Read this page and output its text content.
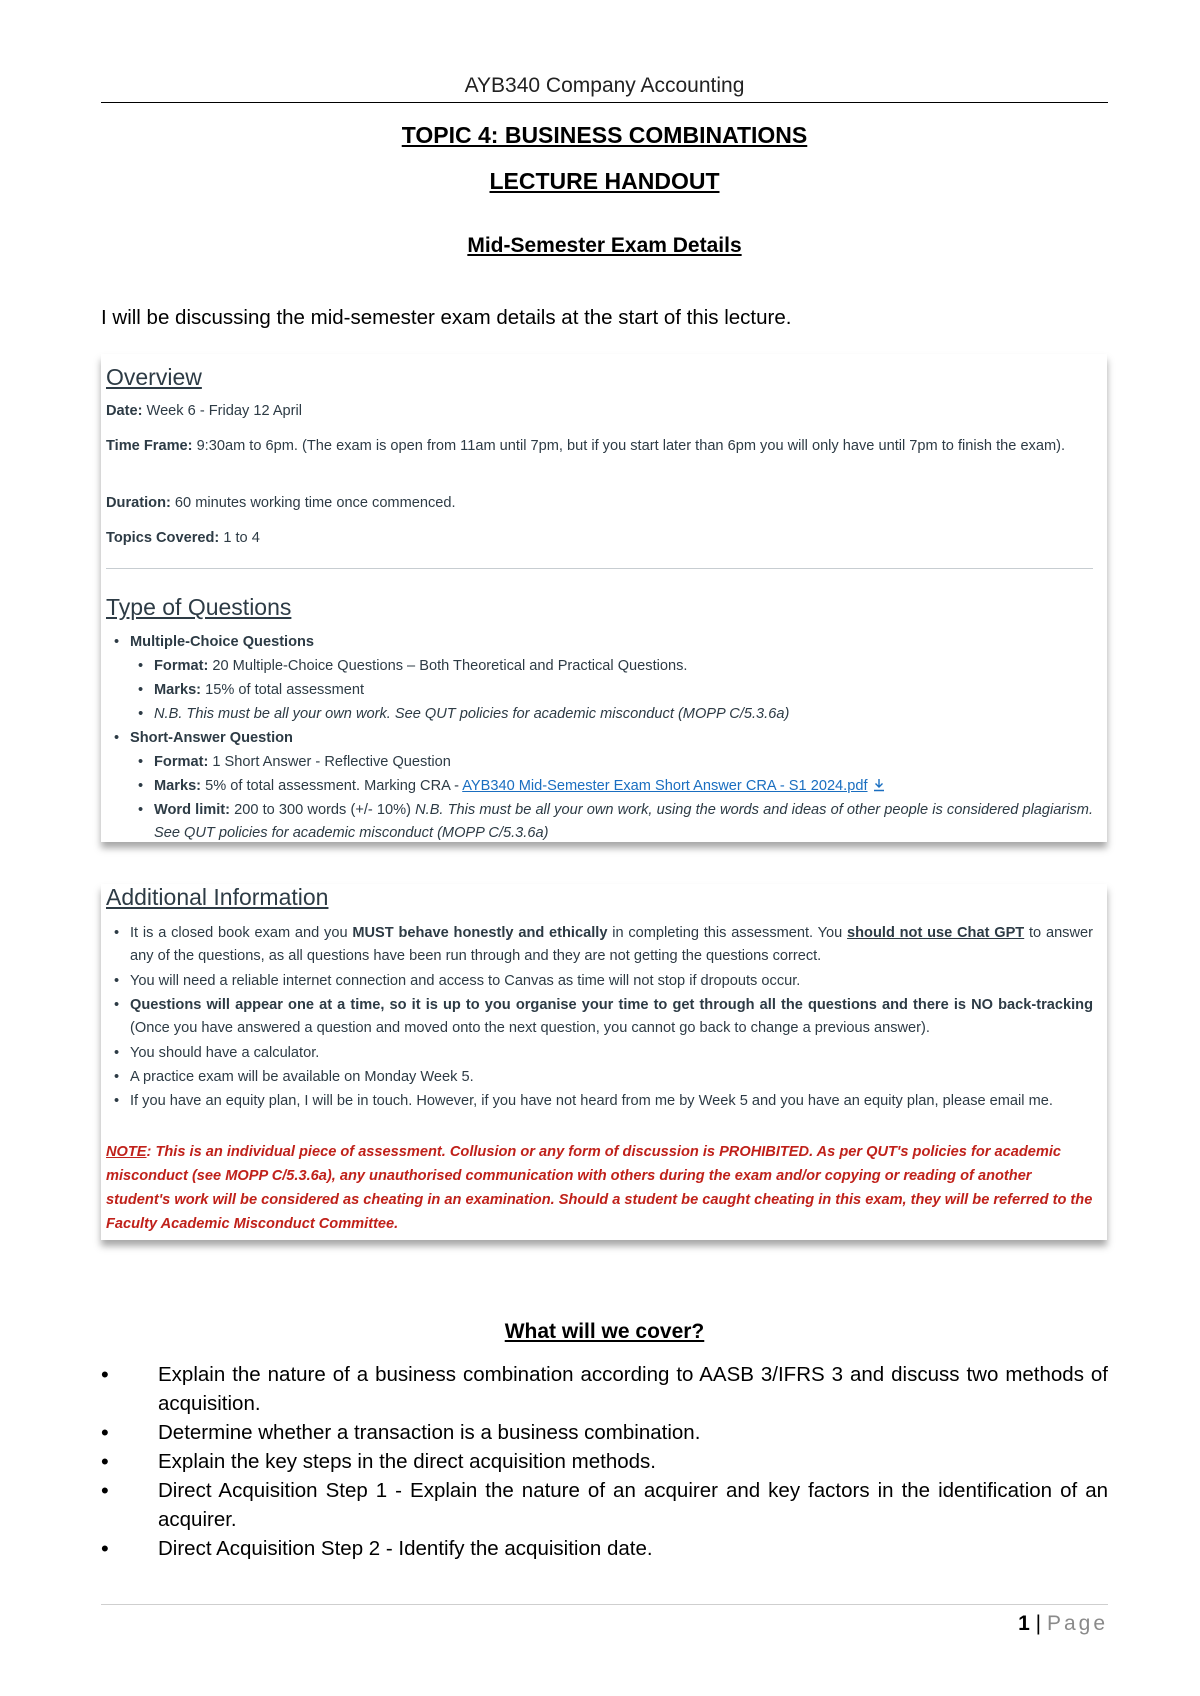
AYB340 Company Accounting
TOPIC 4: BUSINESS COMBINATIONS
LECTURE HANDOUT
Mid-Semester Exam Details
I will be discussing the mid-semester exam details at the start of this lecture.
Overview
Date: Week 6 - Friday 12 April
Time Frame: 9:30am to 6pm. (The exam is open from 11am until 7pm, but if you start later than 6pm you will only have until 7pm to finish the exam).
Duration: 60 minutes working time once commenced.
Topics Covered: 1 to 4
Type of Questions
• Multiple-Choice Questions
• Format: 20 Multiple-Choice Questions – Both Theoretical and Practical Questions.
• Marks: 15% of total assessment
• N.B. This must be all your own work. See QUT policies for academic misconduct (MOPP C/5.3.6a)
• Short-Answer Question
• Format: 1 Short Answer - Reflective Question
• Marks: 5% of total assessment. Marking CRA - AYB340 Mid-Semester Exam Short Answer CRA - S1 2024.pdf
• Word limit: 200 to 300 words (+/- 10%) N.B. This must be all your own work, using the words and ideas of other people is considered plagiarism. See QUT policies for academic misconduct (MOPP C/5.3.6a)
Additional Information
• It is a closed book exam and you MUST behave honestly and ethically in completing this assessment. You should not use Chat GPT to answer any of the questions, as all questions have been run through and they are not getting the questions correct.
• You will need a reliable internet connection and access to Canvas as time will not stop if dropouts occur.
• Questions will appear one at a time, so it is up to you organise your time to get through all the questions and there is NO back-tracking (Once you have answered a question and moved onto the next question, you cannot go back to change a previous answer).
• You should have a calculator.
• A practice exam will be available on Monday Week 5.
• If you have an equity plan, I will be in touch. However, if you have not heard from me by Week 5 and you have an equity plan, please email me.
NOTE: This is an individual piece of assessment. Collusion or any form of discussion is PROHIBITED. As per QUT's policies for academic misconduct (see MOPP C/5.3.6a), any unauthorised communication with others during the exam and/or copying or reading of another student's work will be considered as cheating in an examination. Should a student be caught cheating in this exam, they will be referred to the Faculty Academic Misconduct Committee.
What will we cover?
• Explain the nature of a business combination according to AASB 3/IFRS 3 and discuss two methods of acquisition.
• Determine whether a transaction is a business combination.
• Explain the key steps in the direct acquisition methods.
• Direct Acquisition Step 1 - Explain the nature of an acquirer and key factors in the identification of an acquirer.
• Direct Acquisition Step 2 - Identify the acquisition date.
1 | Page
